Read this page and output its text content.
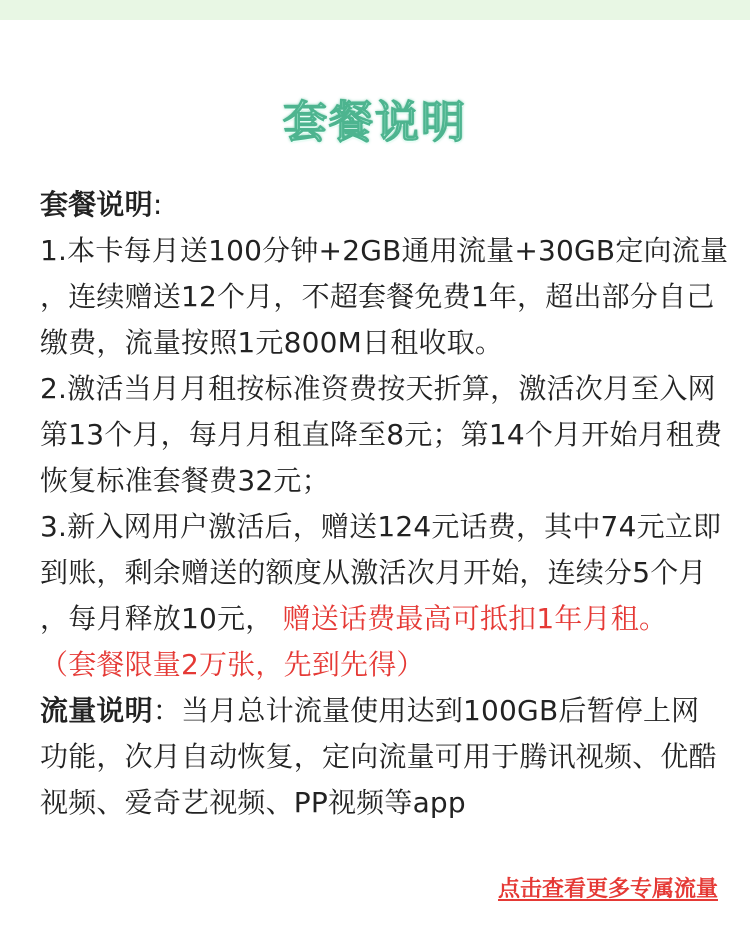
套餐说明
套餐说明:
1.本卡每月送100分钟+2GB通用流量+30GB定向流量
，连续赠送12个月，不超套餐免费1年，超出部分自己
缴费，流量按照1元800M日租收取。
2.激活当月月租按标准资费按天折算，激活次月至入网
第13个月，每月月租直降至8元；第14个月开始月租费
恢复标准套餐费32元；
3.新入网用户激活后，赠送124元话费，其中74元立即
到账，剩余赠送的额度从激活次月开始，连续分5个月
，每月释放10元， 赠送话费最高可抵扣1年月租。
（套餐限量2万张，先到先得）
流量说明：当月总计流量使用达到100GB后暂停上网
功能，次月自动恢复，定向流量可用于腾讯视频、优酷
视频、爱奇艺视频、PP视频等app
点击查看更多专属流量
